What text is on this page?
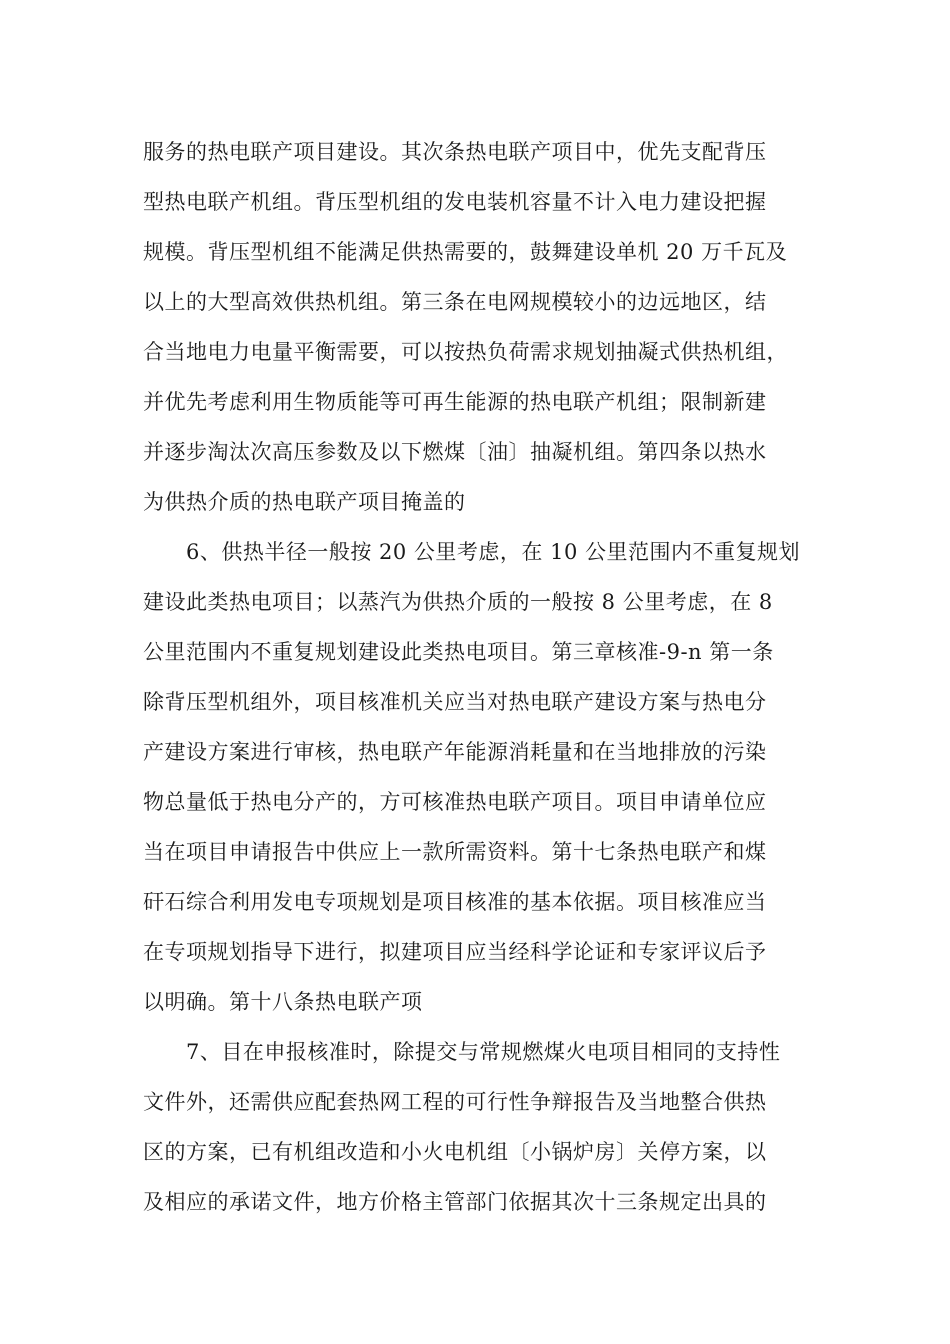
服务的热电联产项目建设。其次条热电联产项目中，优先支配背压
型热电联产机组。背压型机组的发电装机容量不计入电力建设把握
规模。背压型机组不能满足供热需要的，鼓舞建设单机 20 万千瓦及
以上的大型高效供热机组。第三条在电网规模较小的边远地区，结
合当地电力电量平衡需要，可以按热负荷需求规划抽凝式供热机组，
并优先考虑利用生物质能等可再生能源的热电联产机组；限制新建
并逐步淘汰次高压参数及以下燃煤〔油〕抽凝机组。第四条以热水
为供热介质的热电联产项目掩盖的

　　6、供热半径一般按 20 公里考虑，在 10 公里范围内不重复规划
建设此类热电项目；以蒸汽为供热介质的一般按 8 公里考虑，在 8
公里范围内不重复规划建设此类热电项目。第三章核准-9-n 第一条
除背压型机组外，项目核准机关应当对热电联产建设方案与热电分
产建设方案进行审核，热电联产年能源消耗量和在当地排放的污染
物总量低于热电分产的，方可核准热电联产项目。项目申请单位应
当在项目申请报告中供应上一款所需资料。第十七条热电联产和煤
矸石综合利用发电专项规划是项目核准的基本依据。项目核准应当
在专项规划指导下进行，拟建项目应当经科学论证和专家评议后予
以明确。第十八条热电联产项

　　7、目在申报核准时，除提交与常规燃煤火电项目相同的支持性
文件外，还需供应配套热网工程的可行性争辩报告及当地整合供热
区的方案，已有机组改造和小火电机组〔小锅炉房〕关停方案，以
及相应的承诺文件，地方价格主管部门依据其次十三条规定出具的
